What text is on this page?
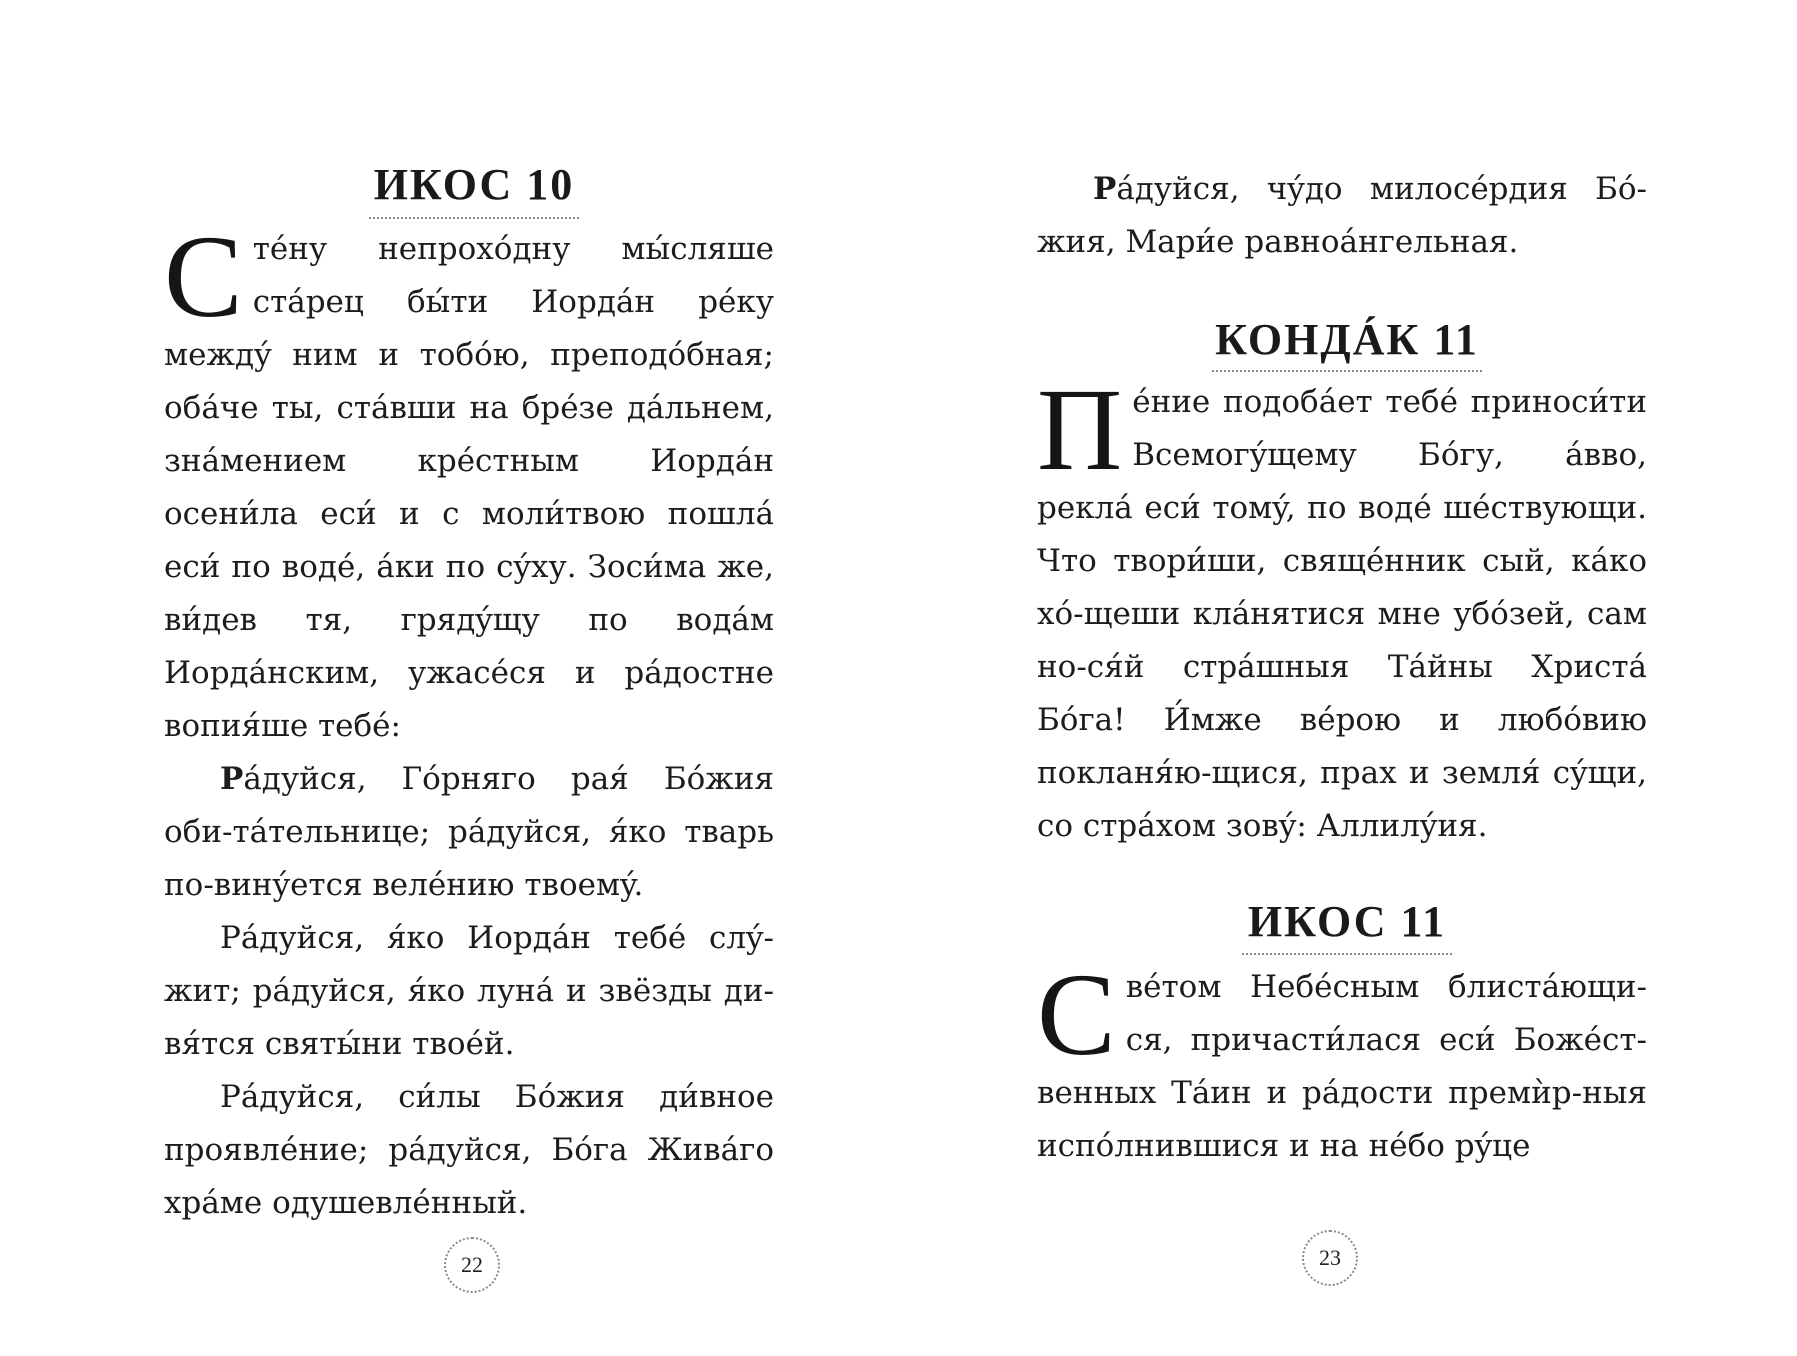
ИКОС 10

Стéну непрохóдну мы́сляше стáрец бы́ти Иордáн рéку междý ним и тобóю, преподóбная; обáче ты, стáвши на брéзе дáльнем, знáмением крéстным Иордáн осени́ла еси́ и с моли́твою пошлá еси́ по водé, áки по сýху. Зоси́ма же, ви́дев тя, грядýщу по водáм Иордáнским, ужасéся и рáдостне вопия́ше тебé:

Рáдуйся, Гóрняго рая́ Бóжия оби-тáтельнице; рáдуйся, я́ко тварь по-винýется велéнию твоемý.

Рáдуйся, я́ко Иордáн тебé слý-жит; рáдуйся, я́ко лунá и звёзды ди-вя́тся святы́ни твоéй.

Рáдуйся, си́лы Бóжия ди́вное проявлéние; рáдуйся, Бóга Живáго хрáме одушевлéнный.

22

Рáдуйся, чýдо милосéрдия Бó-жия, Мари́е равноáнгельная.

КОНДÁК 11

Пéние подобáет тебé приноси́ти Всемогýщему Бóгу, áвво, реклá еси́ томý, по водé шéствующи. Что твори́ши, свящéнник сый, кáко хó-щеши клáнятися мне убóзей, сам но-ся́й стрáшныя Тáйны Христá Бóга! И́мже вéрою и любóвию покланя́ю-щися, прах и земля́ сýщи, со стрáхом зовý: Аллилýия.

ИКОС 11

Свéтом Небéсным блистáющи-ся, причасти́лася еси́ Божéст-венных Тáин и рáдости премѝр-ныя испóлнившися и на нéбо рýце

23
